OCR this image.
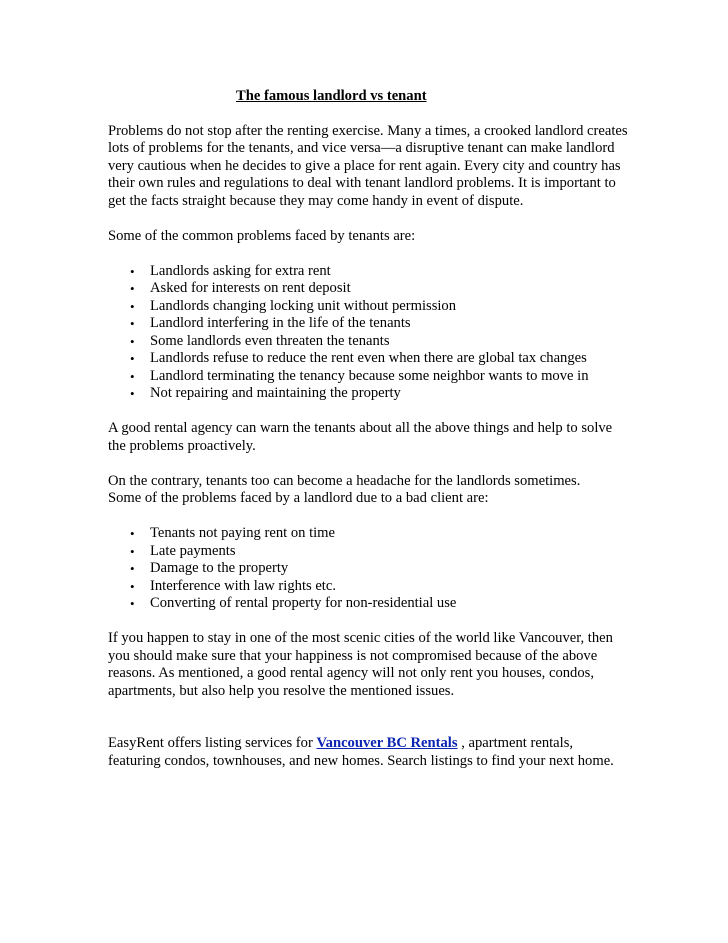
The famous landlord vs tenant

Problems do not stop after the renting exercise. Many a times, a crooked landlord creates lots of problems for the tenants, and vice versa—a disruptive tenant can make landlord very cautious when he decides to give a place for rent again. Every city and country has their own rules and regulations to deal with tenant landlord problems. It is important to get the facts straight because they may come handy in event of dispute.

Some of the common problems faced by tenants are:

• Landlords asking for extra rent
• Asked for interests on rent deposit
• Landlords changing locking unit without permission
• Landlord interfering in the life of the tenants
• Some landlords even threaten the tenants
• Landlords refuse to reduce the rent even when there are global tax changes
• Landlord terminating the tenancy because some neighbor wants to move in
• Not repairing and maintaining the property

A good rental agency can warn the tenants about all the above things and help to solve the problems proactively.

On the contrary, tenants too can become a headache for the landlords sometimes.
Some of the problems faced by a landlord due to a bad client are:

• Tenants not paying rent on time
• Late payments
• Damage to the property
• Interference with law rights etc.
• Converting of rental property for non-residential use

If you happen to stay in one of the most scenic cities of the world like Vancouver, then you should make sure that your happiness is not compromised because of the above reasons. As mentioned, a good rental agency will not only rent you houses, condos, apartments, but also help you resolve the mentioned issues.

EasyRent offers listing services for Vancouver BC Rentals , apartment rentals, featuring condos, townhouses, and new homes. Search listings to find your next home.
